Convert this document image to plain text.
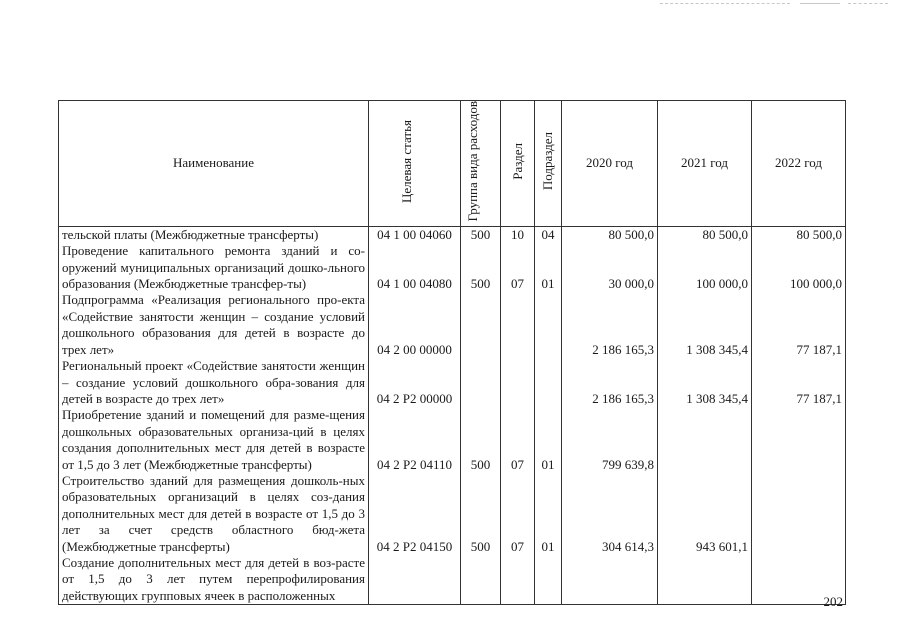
Наименование	Целевая статья	Группа вида расходов	Раздел	Подраздел	2020 год	2021 год	2022 год
тельской платы (Межбюджетные трансферты)	04 1 00 04060	500	10	04	80 500,0	80 500,0	80 500,0
Проведение капитального ремонта зданий и со-оружений муниципальных организаций дошко-льного образования (Межбюджетные трансфер-ты)	04 1 00 04080	500	07	01	30 000,0	100 000,0	100 000,0
Подпрограмма «Реализация регионального про-екта «Содействие занятости женщин – создание условий дошкольного образования для детей в возрасте до трех лет»	04 2 00 00000				2 186 165,3	1 308 345,4	77 187,1
Региональный проект «Содействие занятости женщин – создание условий дошкольного обра-зования для детей в возрасте до трех лет»	04 2 P2 00000				2 186 165,3	1 308 345,4	77 187,1
Приобретение зданий и помещений для разме-щения дошкольных образовательных организа-ций в целях создания дополнительных мест для детей в возрасте от 1,5 до 3 лет (Межбюджетные трансферты)	04 2 P2 04110	500	07	01	799 639,8		
Строительство зданий для размещения дошколь-ных образовательных организаций в целях соз-дания дополнительных мест для детей в возрасте от 1,5 до 3 лет за счет средств областного бюд-жета (Межбюджетные трансферты)	04 2 P2 04150	500	07	01	304 614,3	943 601,1	
Создание дополнительных мест для детей в воз-расте от 1,5 до 3 лет путем перепрофилирования действующих групповых ячеек в расположенных								202
